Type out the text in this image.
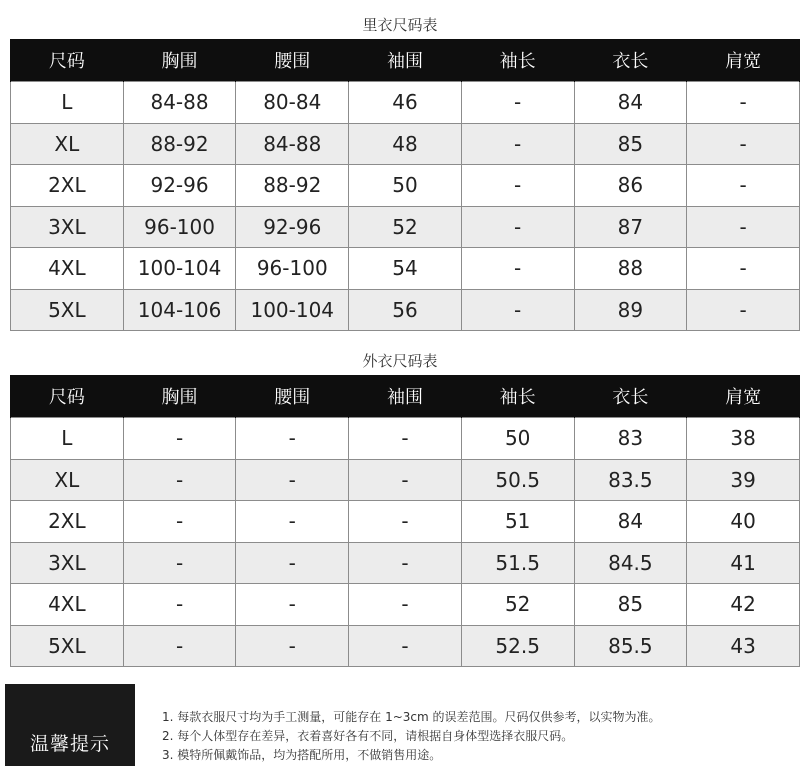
里衣尺码表
尺码	胸围	腰围	袖围	袖长	衣长	肩宽
L	84-88	80-84	46	-	84	-
XL	88-92	84-88	48	-	85	-
2XL	92-96	88-92	50	-	86	-
3XL	96-100	92-96	52	-	87	-
4XL	100-104	96-100	54	-	88	-
5XL	104-106	100-104	56	-	89	-
外衣尺码表
尺码	胸围	腰围	袖围	袖长	衣长	肩宽
L	-	-	-	50	83	38
XL	-	-	-	50.5	83.5	39
2XL	-	-	-	51	84	40
3XL	-	-	-	51.5	84.5	41
4XL	-	-	-	52	85	42
5XL	-	-	-	52.5	85.5	43
温馨提示
1. 每款衣服尺寸均为手工测量，可能存在 1~3cm 的误差范围。尺码仅供参考，以实物为准。
2. 每个人体型存在差异，衣着喜好各有不同，请根据自身体型选择衣服尺码。
3. 模特所佩戴饰品，均为搭配所用，不做销售用途。
